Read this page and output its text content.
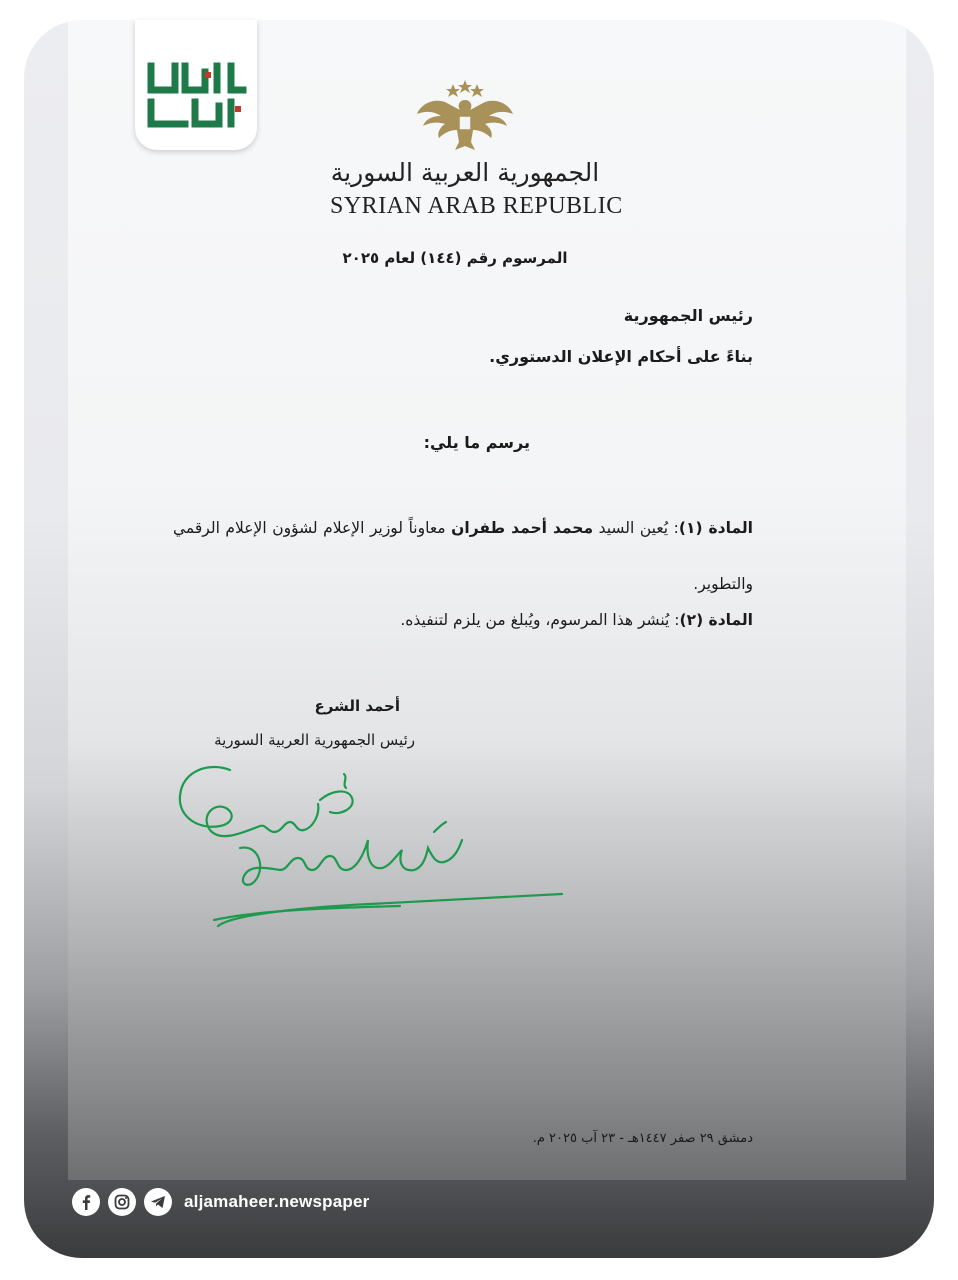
الجمهورية العربية السورية
SYRIAN ARAB REPUBLIC
المرسوم رقم (١٤٤) لعام ٢٠٢٥
رئيس الجمهورية
بناءً على أحكام الإعلان الدستوري.
يرسم ما يلي:
المادة (١): يُعين السيد محمد أحمد طفران معاوناً لوزير الإعلام لشؤون الإعلام الرقمي والتطوير.
المادة (٢): يُنشر هذا المرسوم، ويُبلغ من يلزم لتنفيذه.
أحمد الشرع
رئيس الجمهورية العربية السورية
دمشق ٢٩ صفر ١٤٤٧هـ - ٢٣ آب ٢٠٢٥ م.
aljamaheer.newspaper
